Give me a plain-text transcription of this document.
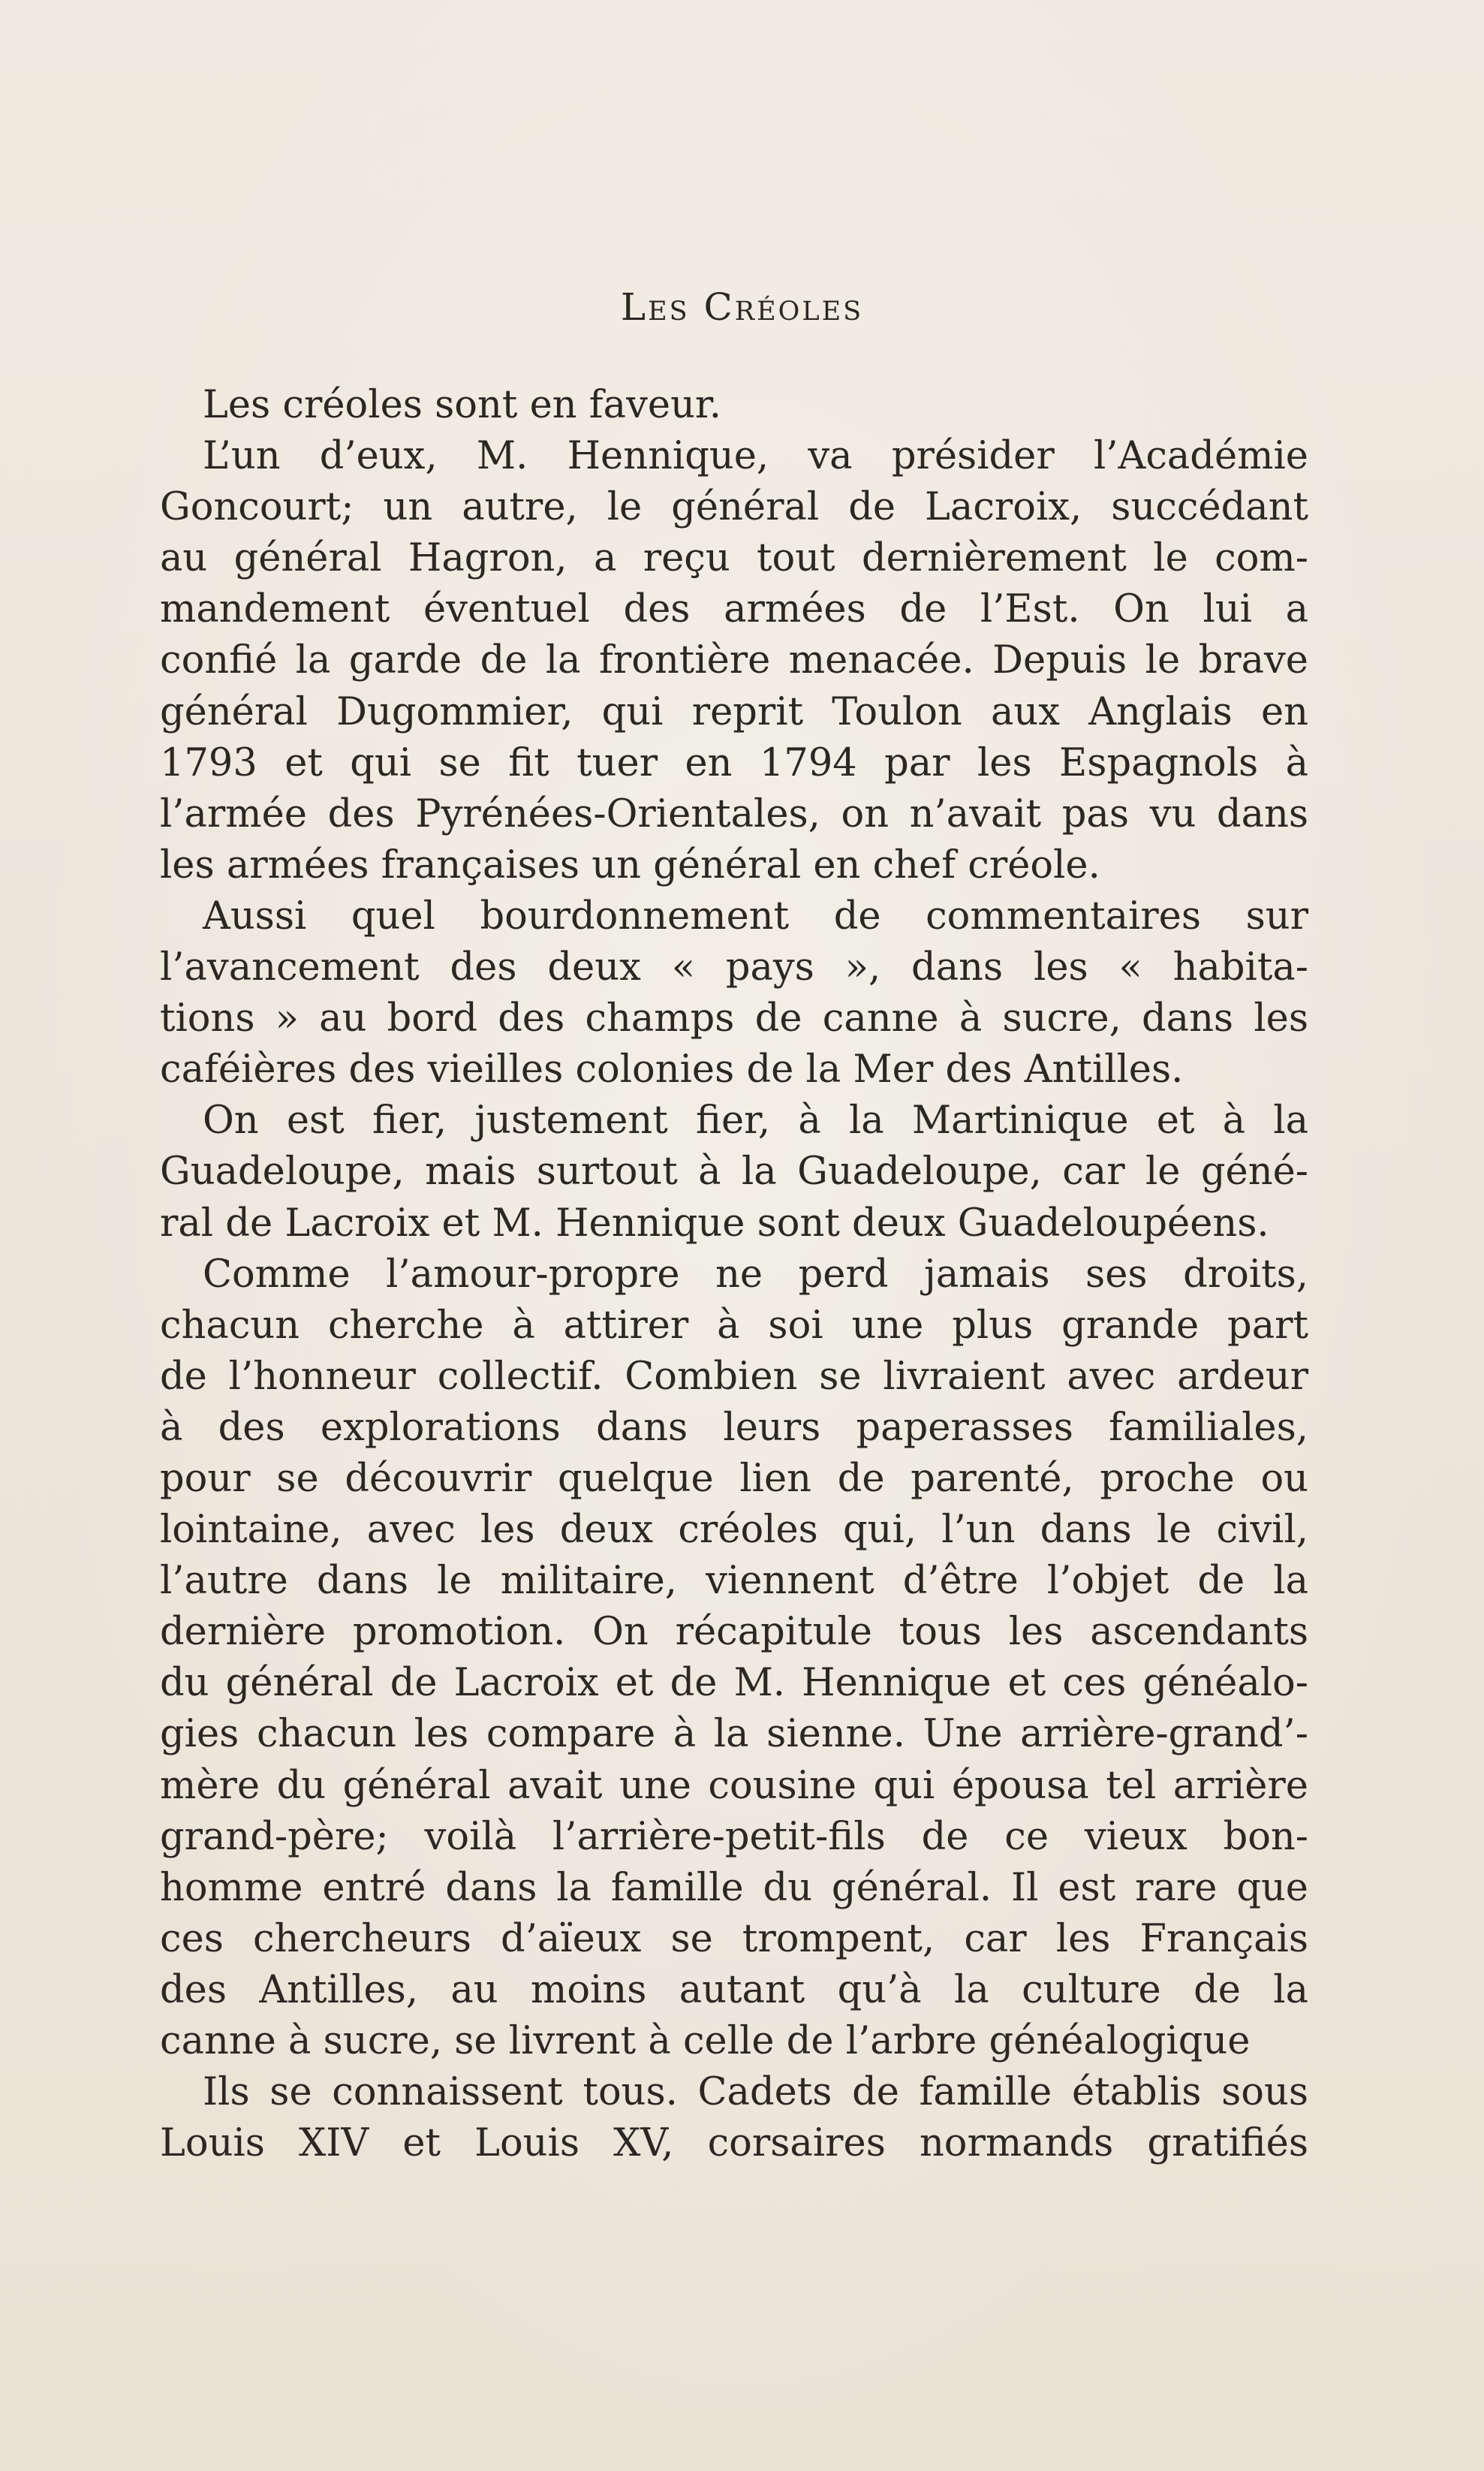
Les Créoles
Les créoles sont en faveur.
L’un d’eux, M. Hennique, va présider l’Académie
Goncourt; un autre, le général de Lacroix, succédant
au général Hagron, a reçu tout dernièrement le com-
mandement éventuel des armées de l’Est. On lui a
confié la garde de la frontière menacée. Depuis le brave
général Dugommier, qui reprit Toulon aux Anglais en
1793 et qui se fit tuer en 1794 par les Espagnols à
l’armée des Pyrénées-Orientales, on n’avait pas vu dans
les armées françaises un général en chef créole.
Aussi quel bourdonnement de commentaires sur
l’avancement des deux « pays », dans les « habita-
tions » au bord des champs de canne à sucre, dans les
caféières des vieilles colonies de la Mer des Antilles.
On est fier, justement fier, à la Martinique et à la
Guadeloupe, mais surtout à la Guadeloupe, car le géné-
ral de Lacroix et M. Hennique sont deux Guadeloupéens.
Comme l’amour-propre ne perd jamais ses droits,
chacun cherche à attirer à soi une plus grande part
de l’honneur collectif. Combien se livraient avec ardeur
à des explorations dans leurs paperasses familiales,
pour se découvrir quelque lien de parenté, proche ou
lointaine, avec les deux créoles qui, l’un dans le civil,
l’autre dans le militaire, viennent d’être l’objet de la
dernière promotion. On récapitule tous les ascendants
du général de Lacroix et de M. Hennique et ces généalo-
gies chacun les compare à la sienne. Une arrière-grand’-
mère du général avait une cousine qui épousa tel arrière
grand-père; voilà l’arrière-petit-fils de ce vieux bon-
homme entré dans la famille du général. Il est rare que
ces chercheurs d’aïeux se trompent, car les Français
des Antilles, au moins autant qu’à la culture de la
canne à sucre, se livrent à celle de l’arbre généalogique
Ils se connaissent tous. Cadets de famille établis sous
Louis XIV et Louis XV, corsaires normands gratifiés
